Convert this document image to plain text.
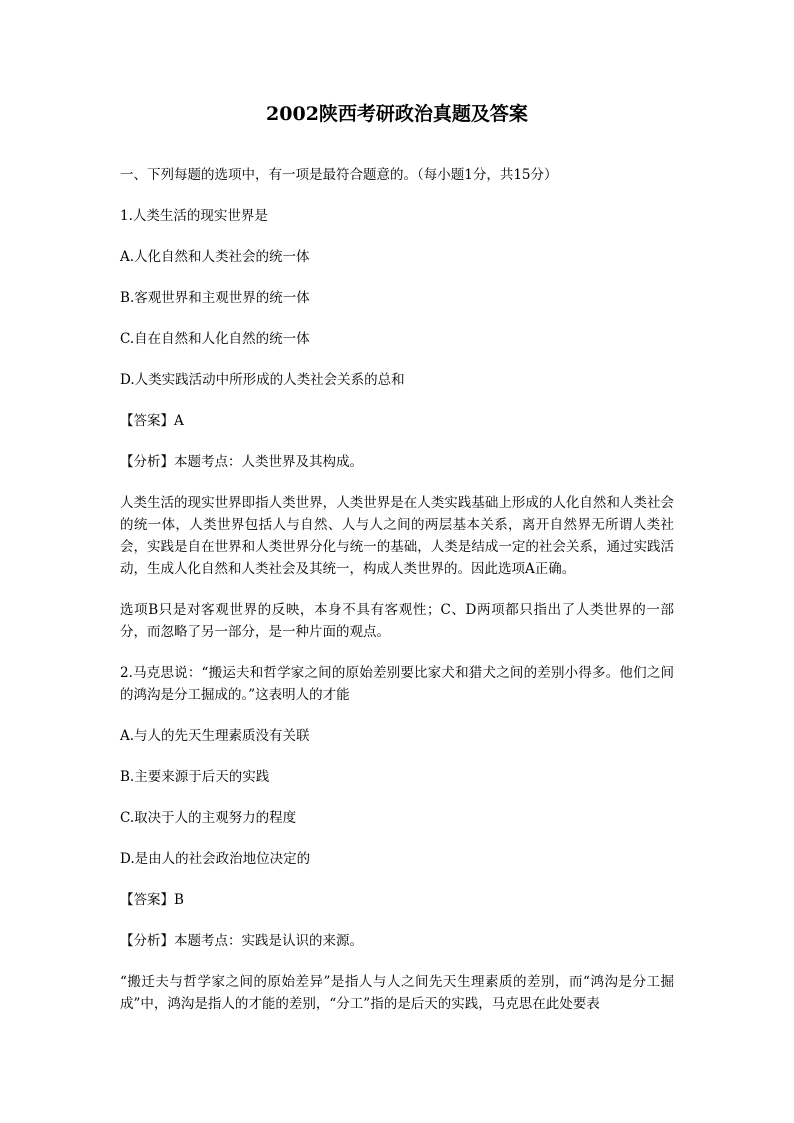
2002陕西考研政治真题及答案

一、下列每题的选项中，有一项是最符合题意的。（每小题1分，共15分）

1.人类生活的现实世界是

A.人化自然和人类社会的统一体

B.客观世界和主观世界的统一体

C.自在自然和人化自然的统一体

D.人类实践活动中所形成的人类社会关系的总和

【答案】A

【分析】本题考点：人类世界及其构成。

人类生活的现实世界即指人类世界，人类世界是在人类实践基础上形成的人化自然和人类社会的统一体，人类世界包括人与自然、人与人之间的两层基本关系，离开自然界无所谓人类社会，实践是自在世界和人类世界分化与统一的基础，人类是结成一定的社会关系，通过实践活动，生成人化自然和人类社会及其统一，构成人类世界的。因此选项A正确。

选项B只是对客观世界的反映，本身不具有客观性；C、D两项都只指出了人类世界的一部分，而忽略了另一部分，是一种片面的观点。

2.马克思说：“搬运夫和哲学家之间的原始差别要比家犬和猎犬之间的差别小得多。他们之间的鸿沟是分工掘成的。”这表明人的才能

A.与人的先天生理素质没有关联

B.主要来源于后天的实践

C.取决于人的主观努力的程度

D.是由人的社会政治地位决定的

【答案】B

【分析】本题考点：实践是认识的来源。

“搬迁夫与哲学家之间的原始差异”是指人与人之间先天生理素质的差别，而“鸿沟是分工掘成”中，鸿沟是指人的才能的差别，“分工”指的是后天的实践，马克思在此处要表
